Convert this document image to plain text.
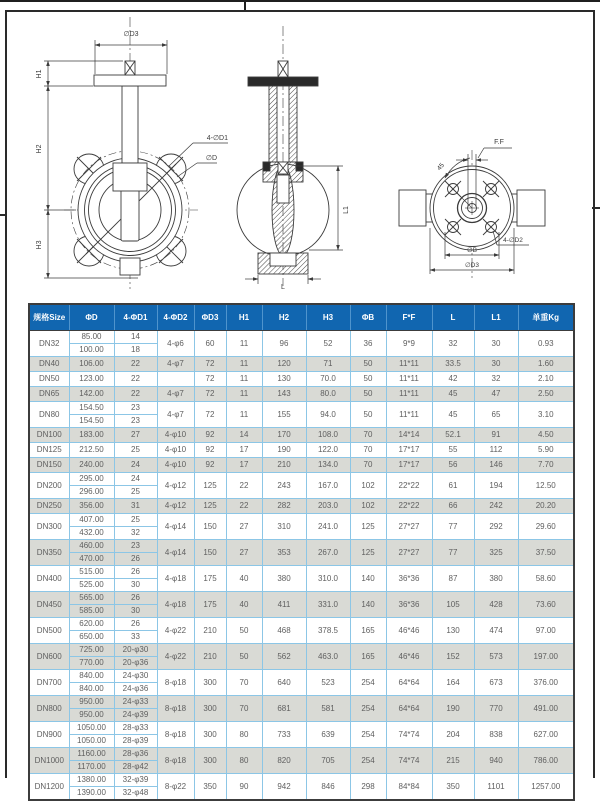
∅D3
H1
H2
H3
4-∅D1
∅D
L1
L
F.F
45
4-∅D2
∅B
∅D3
规格Size	ΦD	4-ΦD1	4-ΦD2	ΦD3	H1	H2	H3	ΦB	F*F	L	L1	单重Kg
DN32	85.00	14	4-φ6	60	11	96	52	36	9*9	32	30	0.93
	100.00	18										
DN40	106.00	22	4-φ7	72	11	120	71	50	11*11	33.5	30	1.60
DN50	123.00	22		72	11	130	70.0	50	11*11	42	32	2.10
DN65	142.00	22	4-φ7	72	11	143	80.0	50	11*11	45	47	2.50
DN80	154.50	23	4-φ7	72	11	155	94.0	50	11*11	45	65	3.10
	154.50	23										
DN100	183.00	27	4-φ10	92	14	170	108.0	70	14*14	52.1	91	4.50
DN125	212.50	25	4-φ10	92	17	190	122.0	70	17*17	55	112	5.90
DN150	240.00	24	4-φ10	92	17	210	134.0	70	17*17	56	146	7.70
DN200	295.00	24	4-φ12	125	22	243	167.0	102	22*22	61	194	12.50
	296.00	25										
DN250	356.00	31	4-φ12	125	22	282	203.0	102	22*22	66	242	20.20
DN300	407.00	25	4-φ14	150	27	310	241.0	125	27*27	77	292	29.60
	432.00	32										
DN350	460.00	23	4-φ14	150	27	353	267.0	125	27*27	77	325	37.50
	470.00	26										
DN400	515.00	26	4-φ18	175	40	380	310.0	140	36*36	87	380	58.60
	525.00	30										
DN450	565.00	26	4-φ18	175	40	411	331.0	140	36*36	105	428	73.60
	585.00	30										
DN500	620.00	26	4-φ22	210	50	468	378.5	165	46*46	130	474	97.00
	650.00	33										
DN600	725.00	20-φ30	4-φ22	210	50	562	463.0	165	46*46	152	573	197.00
	770.00	20-φ36										
DN700	840.00	24-φ30	8-φ18	300	70	640	523	254	64*64	164	673	376.00
	840.00	24-φ36										
DN800	950.00	24-φ33	8-φ18	300	70	681	581	254	64*64	190	770	491.00
	950.00	24-φ39										
DN900	1050.00	28-φ33	8-φ18	300	80	733	639	254	74*74	204	838	627.00
	1050.00	28-φ39										
DN1000	1160.00	28-φ36	8-φ18	300	80	820	705	254	74*74	215	940	786.00
	1170.00	28-φ42										
DN1200	1380.00	32-φ39	8-φ22	350	90	942	846	298	84*84	350	1101	1257.00
	1390.00	32-φ48										
